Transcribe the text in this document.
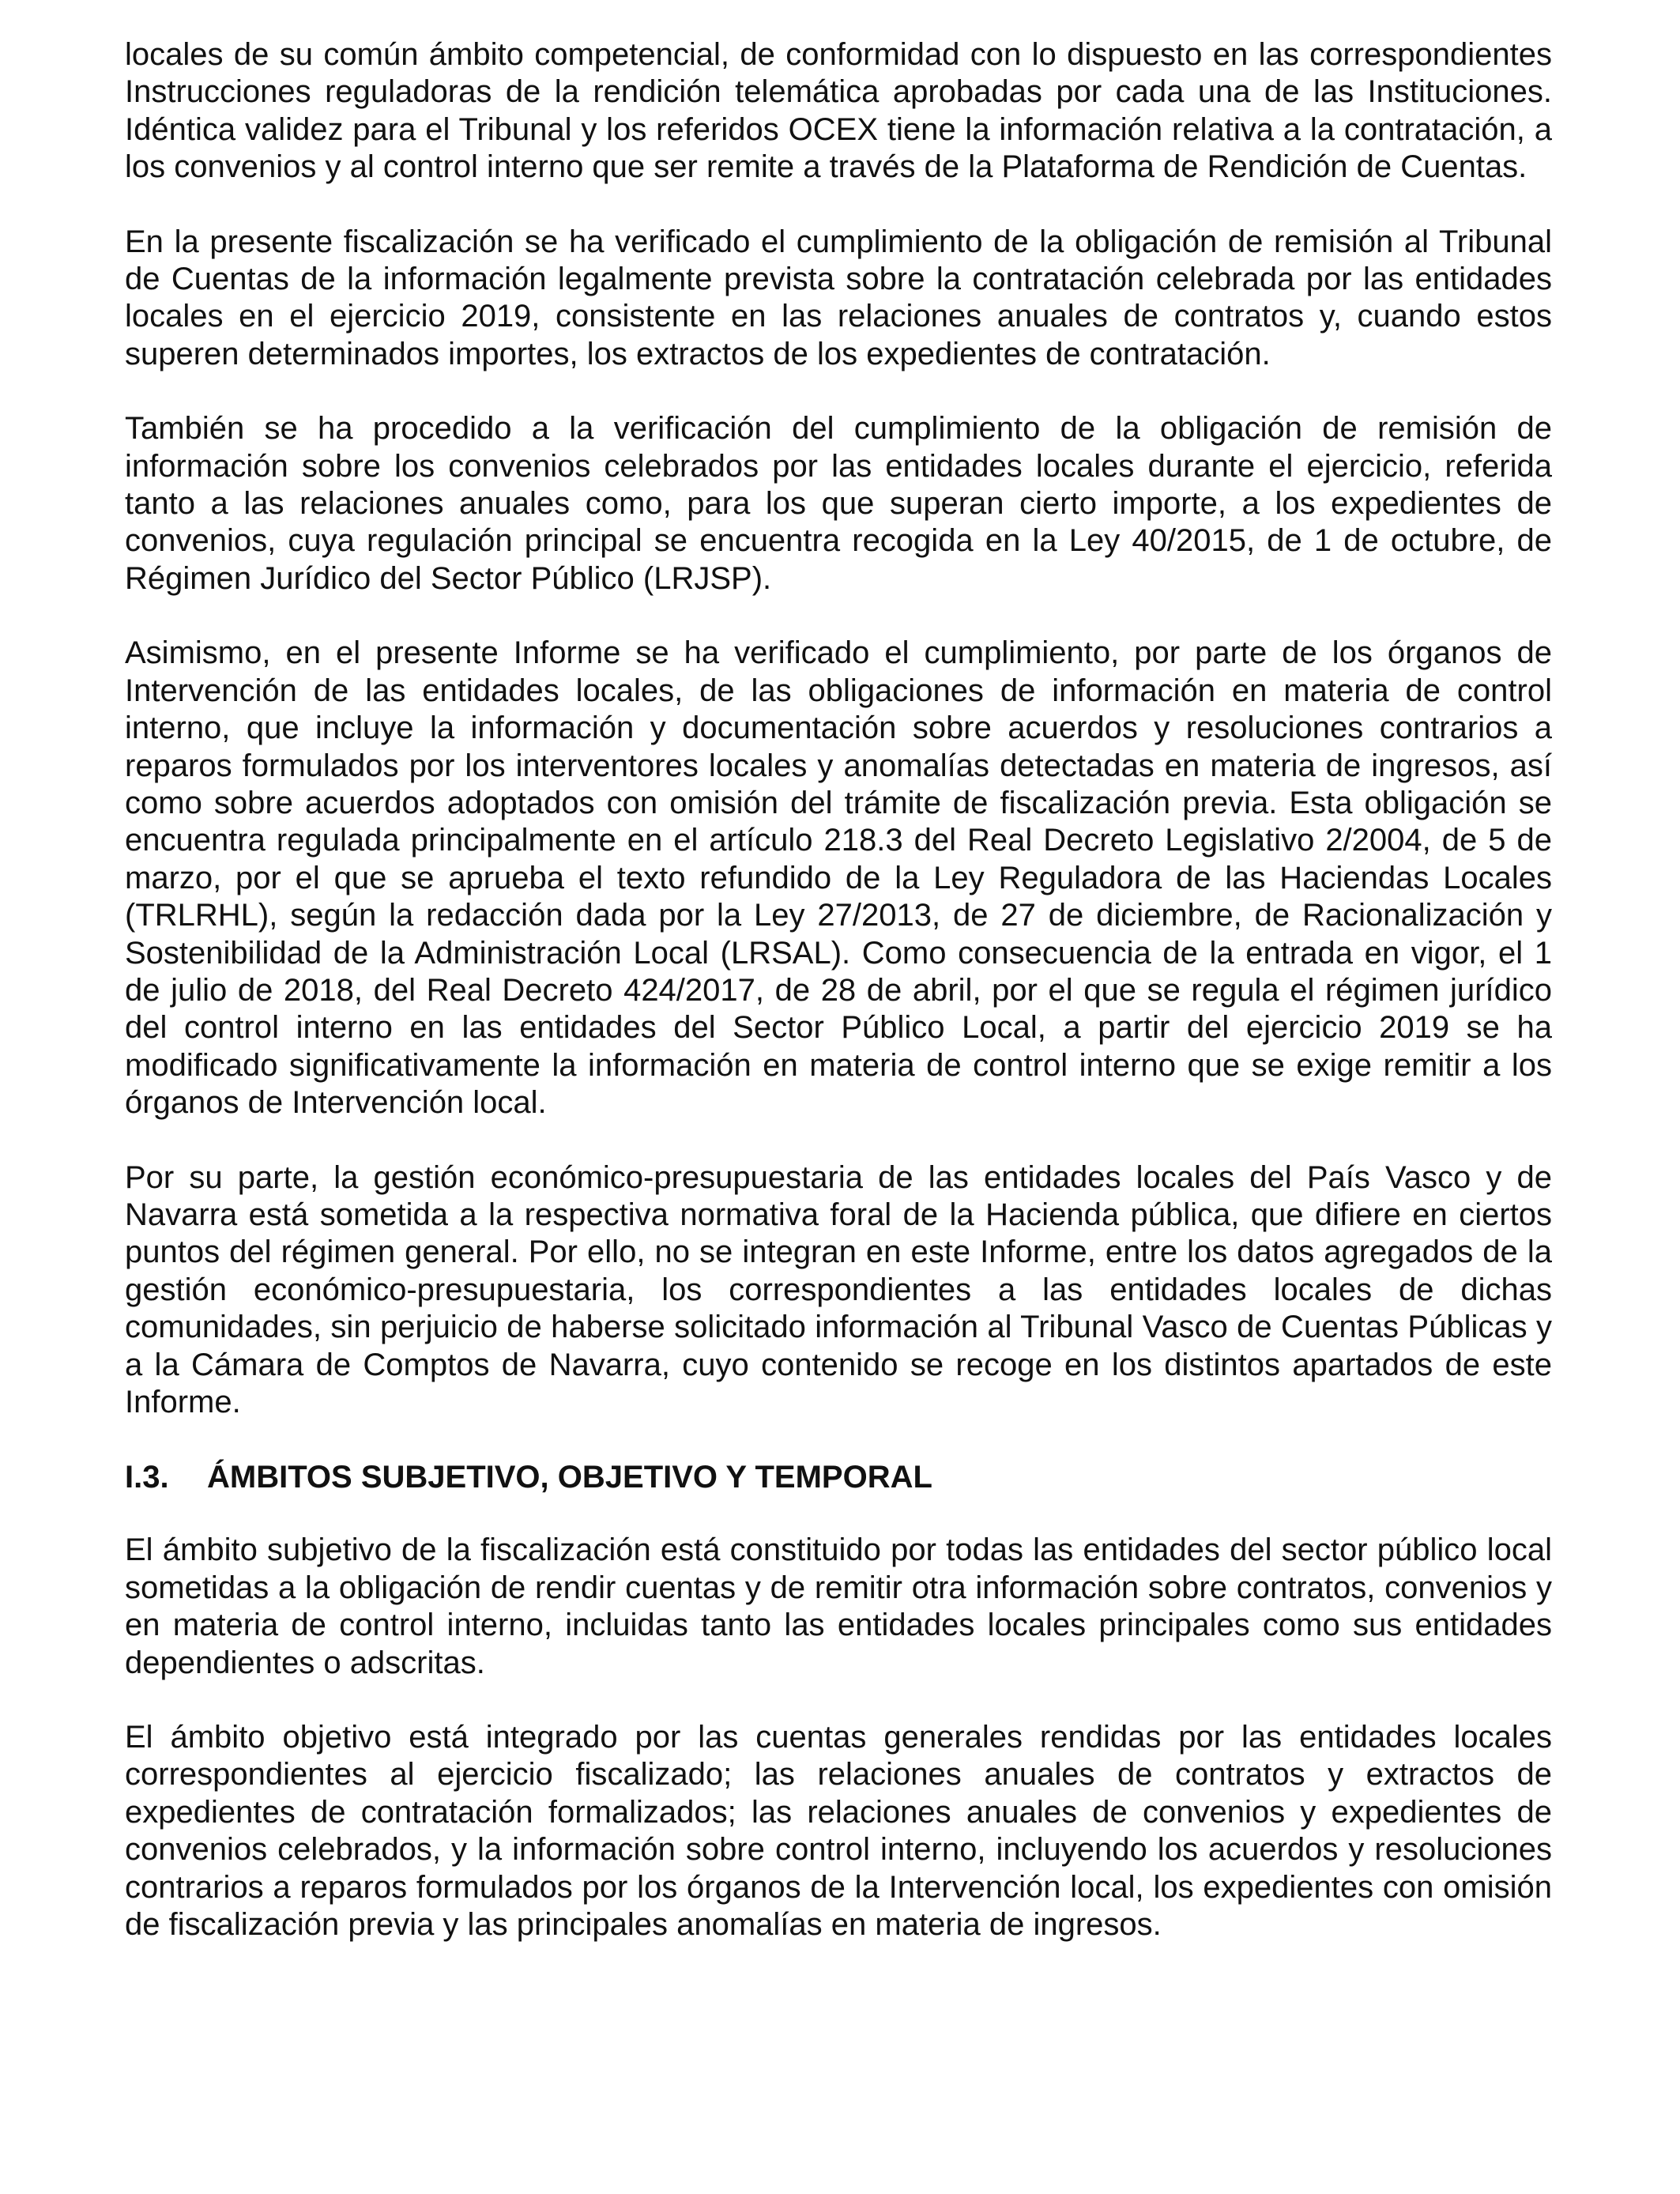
locales de su común ámbito competencial, de conformidad con lo dispuesto en las correspondientes Instrucciones reguladoras de la rendición telemática aprobadas por cada una de las Instituciones. Idéntica validez para el Tribunal y los referidos OCEX tiene la información relativa a la contratación, a los convenios y al control interno que ser remite a través de la Plataforma de Rendición de Cuentas.

En la presente fiscalización se ha verificado el cumplimiento de la obligación de remisión al Tribunal de Cuentas de la información legalmente prevista sobre la contratación celebrada por las entidades locales en el ejercicio 2019, consistente en las relaciones anuales de contratos y, cuando estos superen determinados importes, los extractos de los expedientes de contratación.

También se ha procedido a la verificación del cumplimiento de la obligación de remisión de información sobre los convenios celebrados por las entidades locales durante el ejercicio, referida tanto a las relaciones anuales como, para los que superan cierto importe, a los expedientes de convenios, cuya regulación principal se encuentra recogida en la Ley 40/2015, de 1 de octubre, de Régimen Jurídico del Sector Público (LRJSP).

Asimismo, en el presente Informe se ha verificado el cumplimiento, por parte de los órganos de Intervención de las entidades locales, de las obligaciones de información en materia de control interno, que incluye la información y documentación sobre acuerdos y resoluciones contrarios a reparos formulados por los interventores locales y anomalías detectadas en materia de ingresos, así como sobre acuerdos adoptados con omisión del trámite de fiscalización previa. Esta obligación se encuentra regulada principalmente en el artículo 218.3 del Real Decreto Legislativo 2/2004, de 5 de marzo, por el que se aprueba el texto refundido de la Ley Reguladora de las Haciendas Locales (TRLRHL), según la redacción dada por la Ley 27/2013, de 27 de diciembre, de Racionalización y Sostenibilidad de la Administración Local (LRSAL). Como consecuencia de la entrada en vigor, el 1 de julio de 2018, del Real Decreto 424/2017, de 28 de abril, por el que se regula el régimen jurídico del control interno en las entidades del Sector Público Local, a partir del ejercicio 2019 se ha modificado significativamente la información en materia de control interno que se exige remitir a los órganos de Intervención local.

Por su parte, la gestión económico-presupuestaria de las entidades locales del País Vasco y de Navarra está sometida a la respectiva normativa foral de la Hacienda pública, que difiere en ciertos puntos del régimen general. Por ello, no se integran en este Informe, entre los datos agregados de la gestión económico-presupuestaria, los correspondientes a las entidades locales de dichas comunidades, sin perjuicio de haberse solicitado información al Tribunal Vasco de Cuentas Públicas y a la Cámara de Comptos de Navarra, cuyo contenido se recoge en los distintos apartados de este Informe.

I.3.	ÁMBITOS SUBJETIVO, OBJETIVO Y TEMPORAL

El ámbito subjetivo de la fiscalización está constituido por todas las entidades del sector público local sometidas a la obligación de rendir cuentas y de remitir otra información sobre contratos, convenios y en materia de control interno, incluidas tanto las entidades locales principales como sus entidades dependientes o adscritas.

El ámbito objetivo está integrado por las cuentas generales rendidas por las entidades locales correspondientes al ejercicio fiscalizado; las relaciones anuales de contratos y extractos de expedientes de contratación formalizados; las relaciones anuales de convenios y expedientes de convenios celebrados, y la información sobre control interno, incluyendo los acuerdos y resoluciones contrarios a reparos formulados por los órganos de la Intervención local, los expedientes con omisión de fiscalización previa y las principales anomalías en materia de ingresos.
